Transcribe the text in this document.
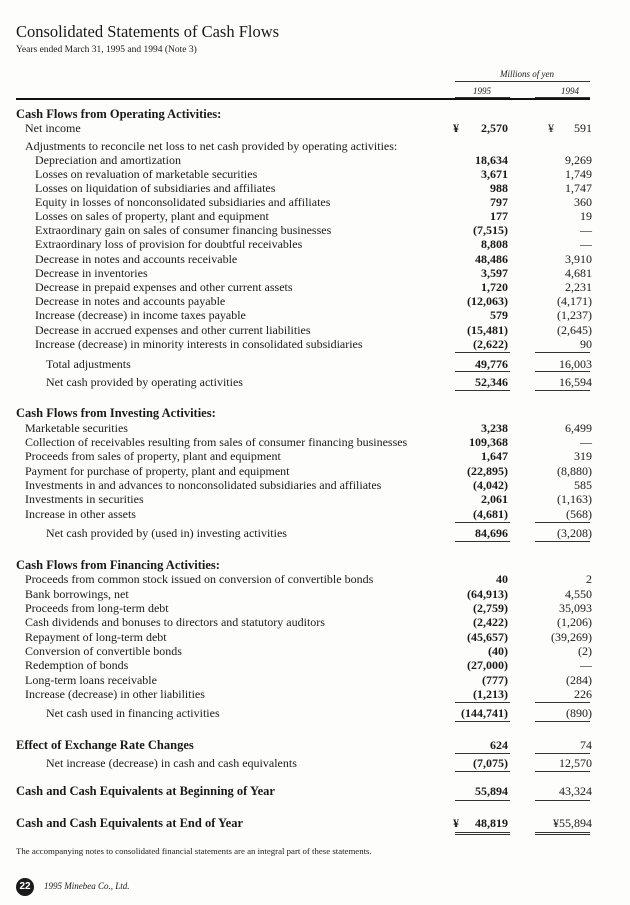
Consolidated Statements of Cash Flows
Years ended March 31, 1995 and 1994 (Note 3)
Millions of yen
1995	1994
Cash Flows from Operating Activities:
Net income	¥ 2,570	¥ 591
Adjustments to reconcile net loss to net cash provided by operating activities:
Depreciation and amortization	18,634	9,269
Losses on revaluation of marketable securities	3,671	1,749
Losses on liquidation of subsidiaries and affiliates	988	1,747
Equity in losses of nonconsolidated subsidiaries and affiliates	797	360
Losses on sales of property, plant and equipment	177	19
Extraordinary gain on sales of consumer financing businesses	(7,515)	—
Extraordinary loss of provision for doubtful receivables	8,808	—
Decrease in notes and accounts receivable	48,486	3,910
Decrease in inventories	3,597	4,681
Decrease in prepaid expenses and other current assets	1,720	2,231
Decrease in notes and accounts payable	(12,063)	(4,171)
Increase (decrease) in income taxes payable	579	(1,237)
Decrease in accrued expenses and other current liabilities	(15,481)	(2,645)
Increase (decrease) in minority interests in consolidated subsidiaries	(2,622)	90
Total adjustments	49,776	16,003
Net cash provided by operating activities	52,346	16,594
Cash Flows from Investing Activities:
Marketable securities	3,238	6,499
Collection of receivables resulting from sales of consumer financing businesses	109,368	—
Proceeds from sales of property, plant and equipment	1,647	319
Payment for purchase of property, plant and equipment	(22,895)	(8,880)
Investments in and advances to nonconsolidated subsidiaries and affiliates	(4,042)	585
Investments in securities	2,061	(1,163)
Increase in other assets	(4,681)	(568)
Net cash provided by (used in) investing activities	84,696	(3,208)
Cash Flows from Financing Activities:
Proceeds from common stock issued on conversion of convertible bonds	40	2
Bank borrowings, net	(64,913)	4,550
Proceeds from long-term debt	(2,759)	35,093
Cash dividends and bonuses to directors and statutory auditors	(2,422)	(1,206)
Repayment of long-term debt	(45,657)	(39,269)
Conversion of convertible bonds	(40)	(2)
Redemption of bonds	(27,000)	—
Long-term loans receivable	(777)	(284)
Increase (decrease) in other liabilities	(1,213)	226
Net cash used in financing activities	(144,741)	(890)
Effect of Exchange Rate Changes	624	74
Net increase (decrease) in cash and cash equivalents	(7,075)	12,570
Cash and Cash Equivalents at Beginning of Year	55,894	43,324
Cash and Cash Equivalents at End of Year	¥ 48,819	¥55,894
The accompanying notes to consolidated financial statements are an integral part of these statements.
22	1995 Minebea Co., Ltd.
